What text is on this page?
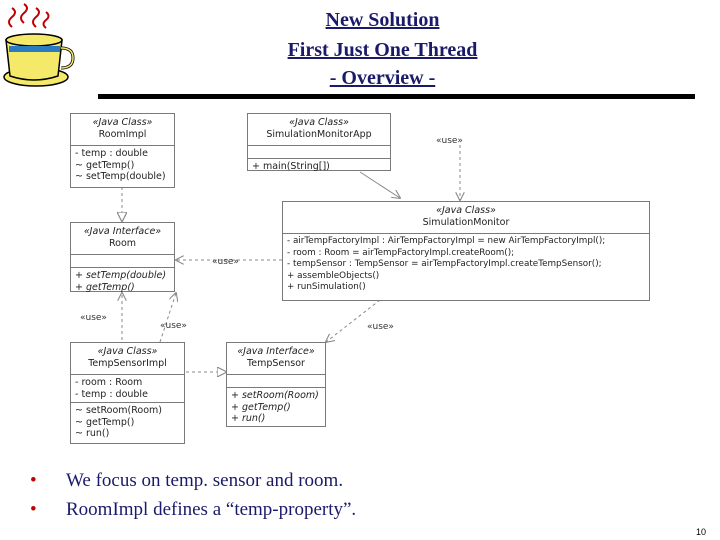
New Solution
First Just One Thread
- Overview -
«Java Class»
RoomImpl
- temp : double
~ getTemp()
~ setTemp(double)
«Java Class»
SimulationMonitorApp
+ main(String[])
«Java Interface»
Room
+ setTemp(double)
+ getTemp()
«Java Class»
SimulationMonitor
- airTempFactoryImpl : AirTempFactoryImpl = new AirTempFactoryImpl();
- room : Room = airTempFactoryImpl.createRoom();
- tempSensor : TempSensor = airTempFactoryImpl.createTempSensor();
+ assembleObjects()
+ runSimulation()
«Java Class»
TempSensorImpl
- room : Room
- temp : double
~ setRoom(Room)
~ getTemp()
~ run()
«Java Interface»
TempSensor
+ setRoom(Room)
+ getTemp()
+ run()
«use»
«use»
«use»
«use»	«use»
• We focus on temp. sensor and room.
• RoomImpl defines a “temp-property”.
10
